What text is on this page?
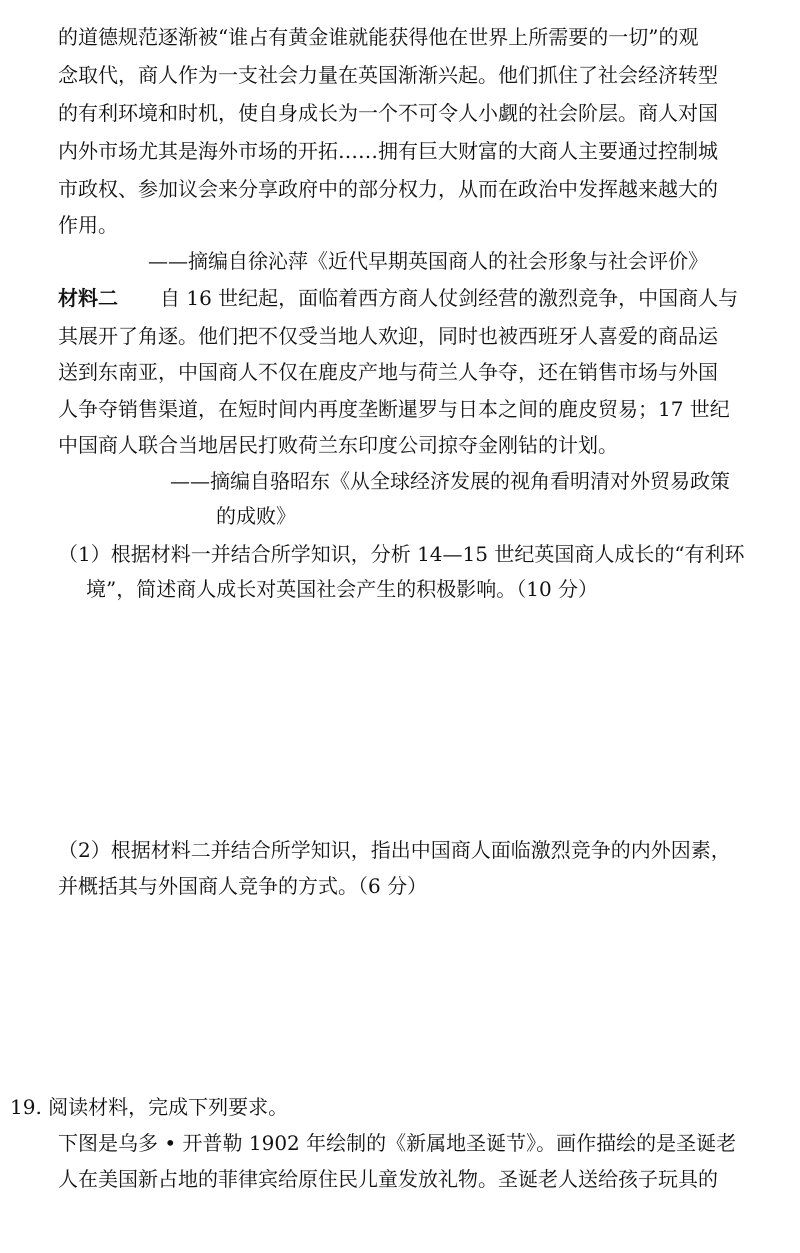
的道德规范逐渐被“谁占有黄金谁就能获得他在世界上所需要的一切”的观
念取代，商人作为一支社会力量在英国渐渐兴起。他们抓住了社会经济转型
的有利环境和时机，使自身成长为一个不可令人小觑的社会阶层。商人对国
内外市场尤其是海外市场的开拓……拥有巨大财富的大商人主要通过控制城
市政权、参加议会来分享政府中的部分权力，从而在政治中发挥越来越大的
作用。
——摘编自徐沁萍《近代早期英国商人的社会形象与社会评价》
材料二	自 16 世纪起，面临着西方商人仗剑经营的激烈竞争，中国商人与
其展开了角逐。他们把不仅受当地人欢迎，同时也被西班牙人喜爱的商品运
送到东南亚，中国商人不仅在鹿皮产地与荷兰人争夺，还在销售市场与外国
人争夺销售渠道，在短时间内再度垄断暹罗与日本之间的鹿皮贸易；17 世纪
中国商人联合当地居民打败荷兰东印度公司掠夺金刚钻的计划。
——摘编自骆昭东《从全球经济发展的视角看明清对外贸易政策
的成败》
（1）根据材料一并结合所学知识，分析 14—15 世纪英国商人成长的“有利环
境”，简述商人成长对英国社会产生的积极影响。（10 分）
（2）根据材料二并结合所学知识，指出中国商人面临激烈竞争的内外因素，
并概括其与外国商人竞争的方式。（6 分）
19. 阅读材料，完成下列要求。
下图是乌多 • 开普勒 1902 年绘制的《新属地圣诞节》。画作描绘的是圣诞老
人在美国新占地的菲律宾给原住民儿童发放礼物。圣诞老人送给孩子玩具的
